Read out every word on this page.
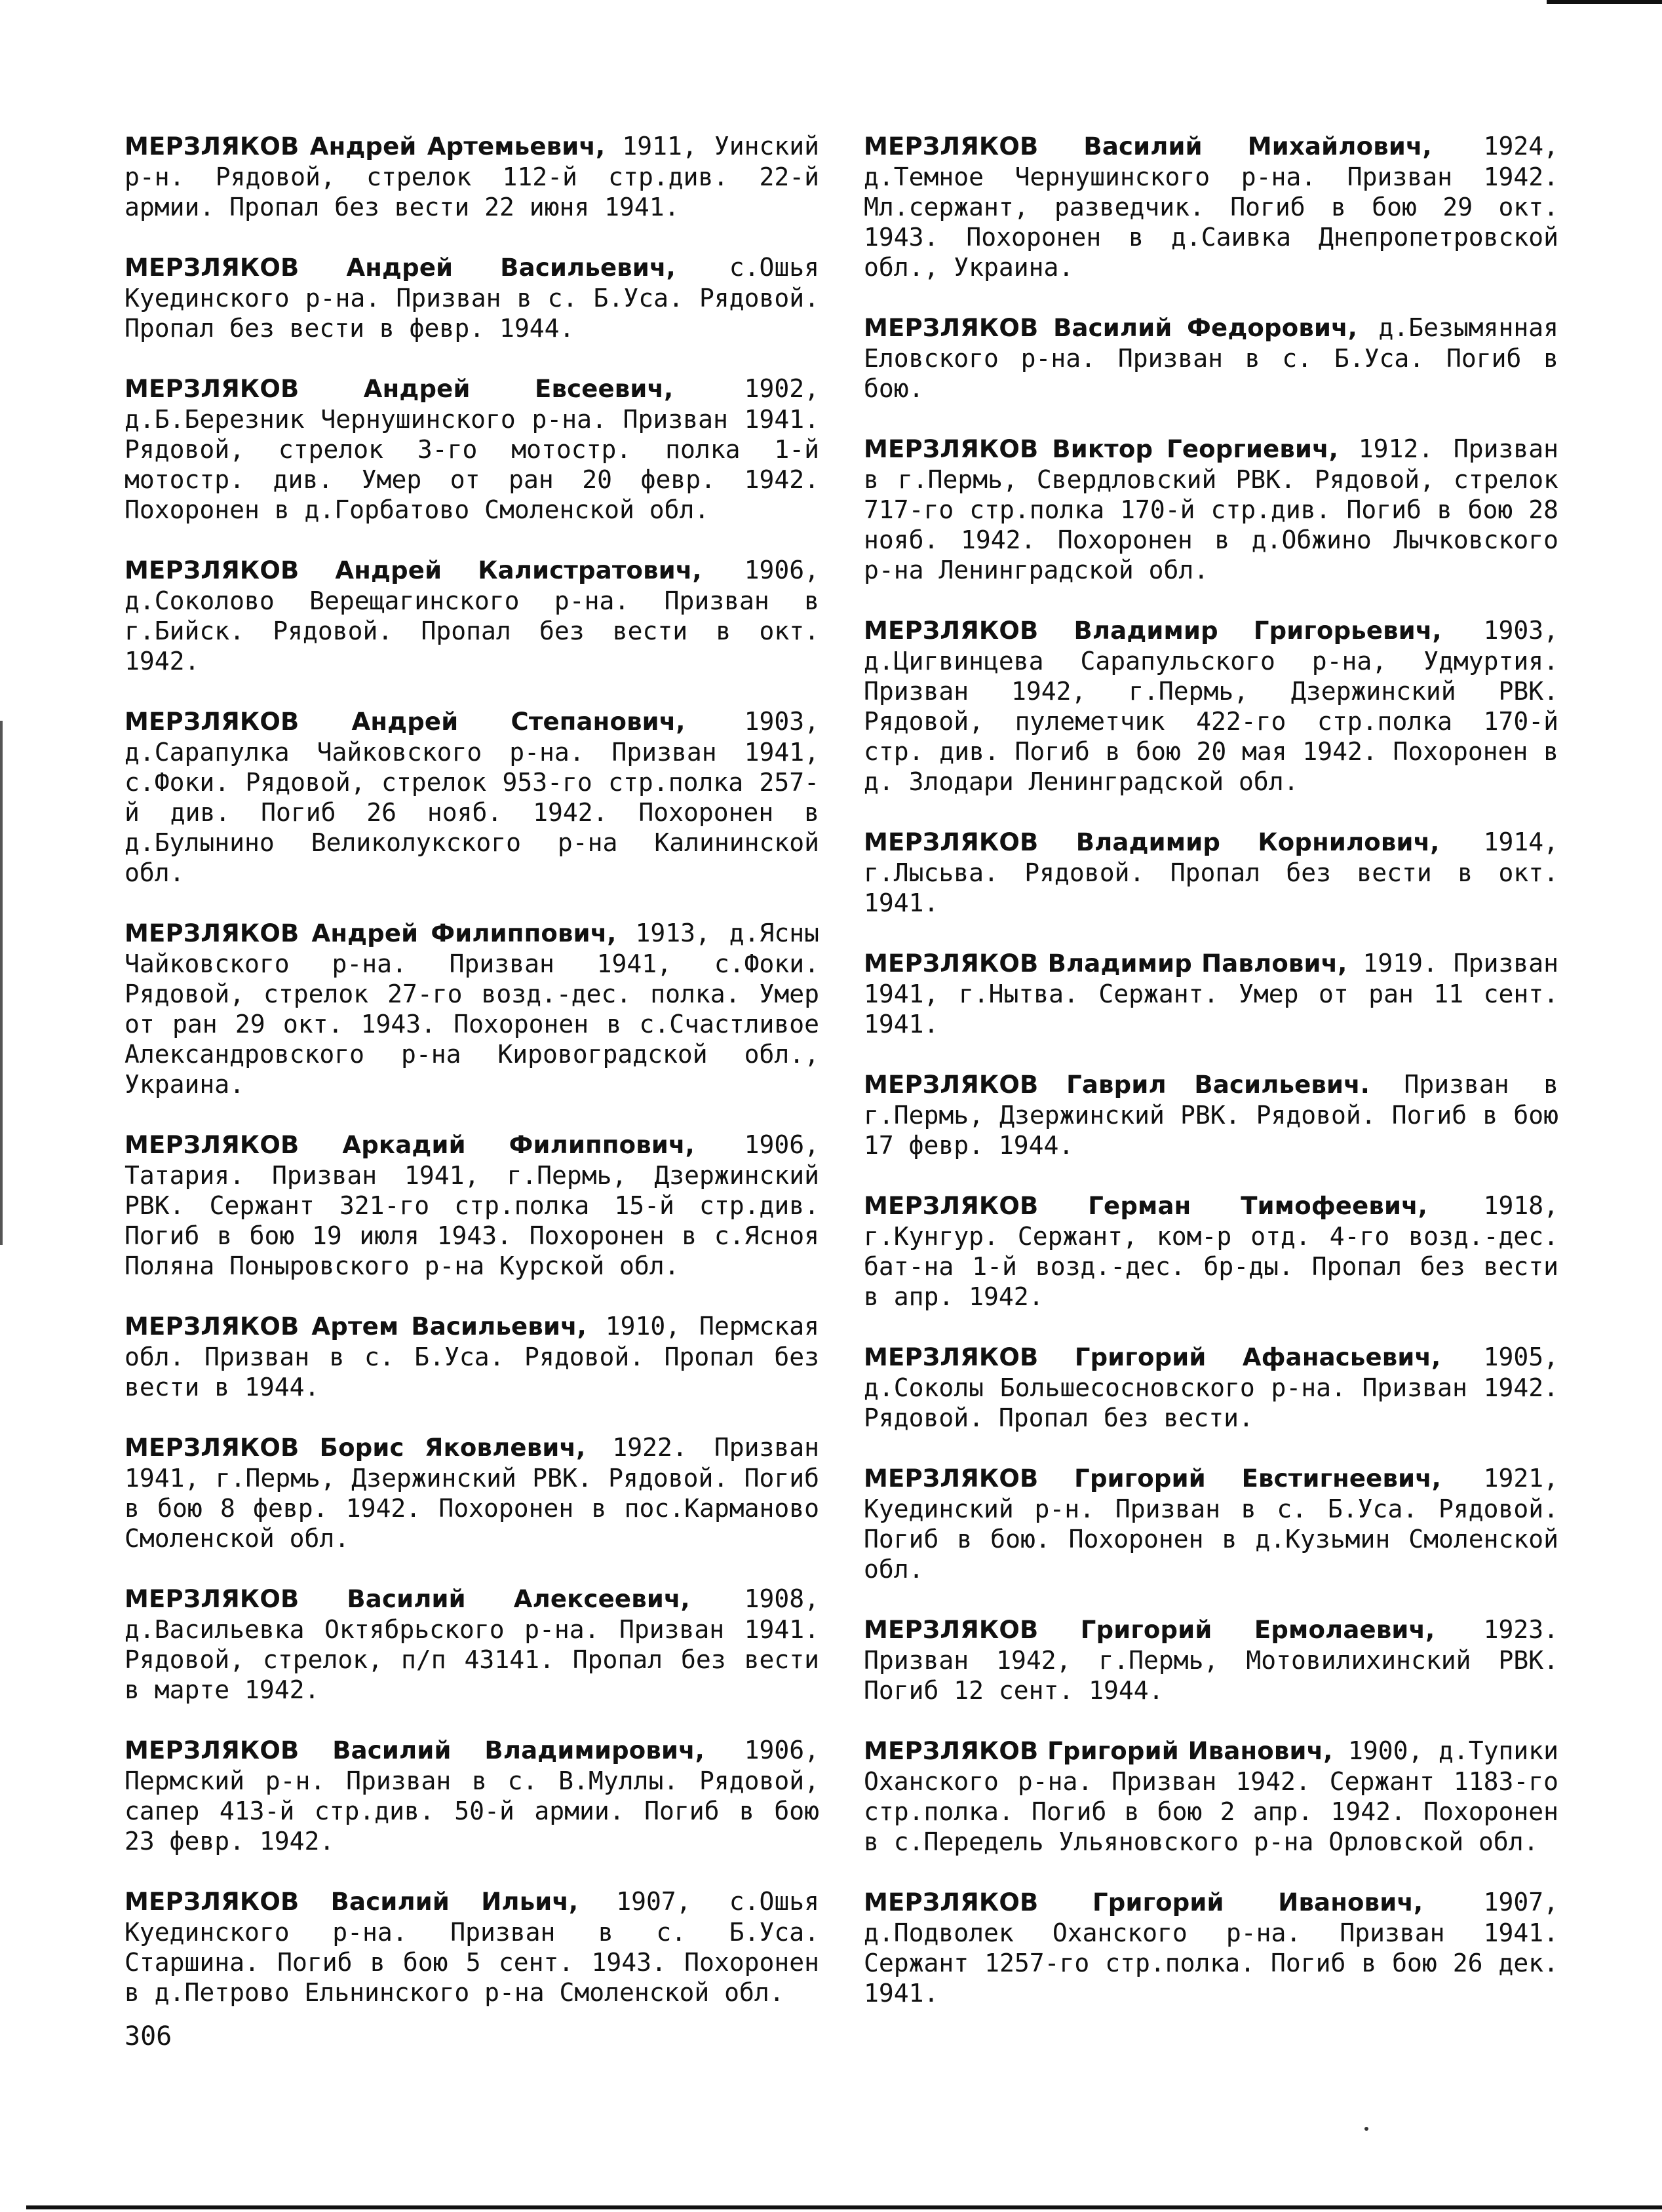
МЕРЗЛЯКОВ Андрей Артемьевич, 1911, Уинский р-н. Рядовой, стрелок 112-й стр.див. 22-й армии. Пропал без вести 22 июня 1941.
МЕРЗЛЯКОВ Андрей Васильевич, с.Ошья Куединского р-на. Призван в с. Б.Уса. Рядовой. Пропал без вести в февр. 1944.
МЕРЗЛЯКОВ Андрей Евсеевич,	1902, д.Б.Березник Чернушинского р-на. Призван 1941. Рядовой, стрелок 3-го мотостр. полка 1-й мотостр. див. Умер от ран 20 февр. 1942. Похоронен в д.Горбатово Смоленской обл.
МЕРЗЛЯКОВ Андрей Калистратович, 1906, д.Соколово Верещагинского р-на. Призван в г.Бийск. Рядовой. Пропал без вести в окт. 1942.
МЕРЗЛЯКОВ Андрей Степанович, 1903, д.Сарапулка Чайковского р-на. Призван 1941, с.Фоки. Рядовой, стрелок 953-го стр.полка 257-й див. Погиб 26 нояб. 1942. Похоронен в д.Булынино Великолукского р-на Калининской обл.
МЕРЗЛЯКОВ Андрей Филиппович, 1913, д.Ясны Чайковского р-на. Призван 1941, с.Фоки. Рядовой, стрелок 27-го возд.-дес. полка. Умер от ран 29 окт. 1943. Похоронен в с.Счастливое Александровского р-на Кировоградской обл., Украина.
МЕРЗЛЯКОВ Аркадий Филиппович, 1906, Татария. Призван 1941, г.Пермь, Дзержинский РВК. Сержант 321-го стр.полка 15-й стр.див. Погиб в бою 19 июля 1943. Похоронен в с.Ясноя Поляна Поныровского р-на Курской обл.
МЕРЗЛЯКОВ Артем Васильевич, 1910, Пермская обл. Призван в с. Б.Уса. Рядовой. Пропал без вести в 1944.
МЕРЗЛЯКОВ Борис Яковлевич, 1922. Призван 1941, г.Пермь, Дзержинский РВК. Рядовой. Погиб в бою 8 февр. 1942. Похоронен в пос.Карманово Смоленской обл.
МЕРЗЛЯКОВ Василий Алексеевич, 1908, д.Васильевка Октябрьского р-на. Призван 1941. Рядовой, стрелок, п/п 43141. Пропал без вести в марте 1942.
МЕРЗЛЯКОВ Василий Владимирович, 1906, Пермский р-н. Призван в с. В.Муллы. Рядовой, сапер 413-й стр.див. 50-й армии. Погиб в бою 23 февр. 1942.
МЕРЗЛЯКОВ Василий Ильич, 1907, с.Ошья Куединского р-на. Призван в с. Б.Уса. Старшина. Погиб в бою 5 сент. 1943. Похоронен в д.Петрово Ельнинского р-на Смоленской обл.
МЕРЗЛЯКОВ Василий Михайлович, 1924, д.Темное Чернушинского р-на. Призван 1942. Мл.сержант, разведчик. Погиб в бою 29 окт. 1943. Похоронен в д.Саивка Днепропетровской обл., Украина.
МЕРЗЛЯКОВ Василий Федорович, д.Безымянная Еловского р-на. Призван в с. Б.Уса. Погиб в бою.
МЕРЗЛЯКОВ Виктор Георгиевич, 1912. Призван в г.Пермь, Свердловский РВК. Рядовой, стрелок 717-го стр.полка 170-й стр.див. Погиб в бою 28 нояб. 1942. Похоронен в д.Обжино Лычковского р-на Ленинградской обл.
МЕРЗЛЯКОВ Владимир Григорьевич, 1903, д.Цигвинцева Сарапульского р-на, Удмуртия. Призван 1942, г.Пермь, Дзержинский РВК. Рядовой, пулеметчик 422-го стр.полка 170-й стр. див. Погиб в бою 20 мая 1942. Похоронен в д. Злодари Ленинградской обл.
МЕРЗЛЯКОВ Владимир Корнилович, 1914, г.Лысьва. Рядовой. Пропал без вести в окт. 1941.
МЕРЗЛЯКОВ Владимир Павлович, 1919. Призван 1941, г.Нытва. Сержант. Умер от ран 11 сент. 1941.
МЕРЗЛЯКОВ Гаврил Васильевич. Призван в г.Пермь, Дзержинский РВК. Рядовой. Погиб в бою 17 февр. 1944.
МЕРЗЛЯКОВ Герман Тимофеевич, 1918, г.Кунгур. Сержант, ком-р отд. 4-го возд.-дес. бат-на 1-й возд.-дес. бр-ды. Пропал без вести в апр. 1942.
МЕРЗЛЯКОВ Григорий Афанасьевич, 1905, д.Соколы Большесосновского р-на. Призван 1942. Рядовой. Пропал без вести.
МЕРЗЛЯКОВ Григорий Евстигнеевич, 1921, Куединский р-н. Призван в с. Б.Уса. Рядовой. Погиб в бою. Похоронен в д.Кузьмин Смоленской обл.
МЕРЗЛЯКОВ Григорий Ермолаевич, 1923. Призван 1942, г.Пермь, Мотовилихинский РВК. Погиб 12 сент. 1944.
МЕРЗЛЯКОВ Григорий Иванович, 1900, д.Тупики Оханского р-на. Призван 1942. Сержант 1183-го стр.полка. Погиб в бою 2 апр. 1942. Похоронен в с.Передель Ульяновского р-на Орловской обл.
МЕРЗЛЯКОВ Григорий Иванович, 1907, д.Подволек Оханского р-на. Призван 1941. Сержант 1257-го стр.полка. Погиб в бою 26 дек. 1941.
306
